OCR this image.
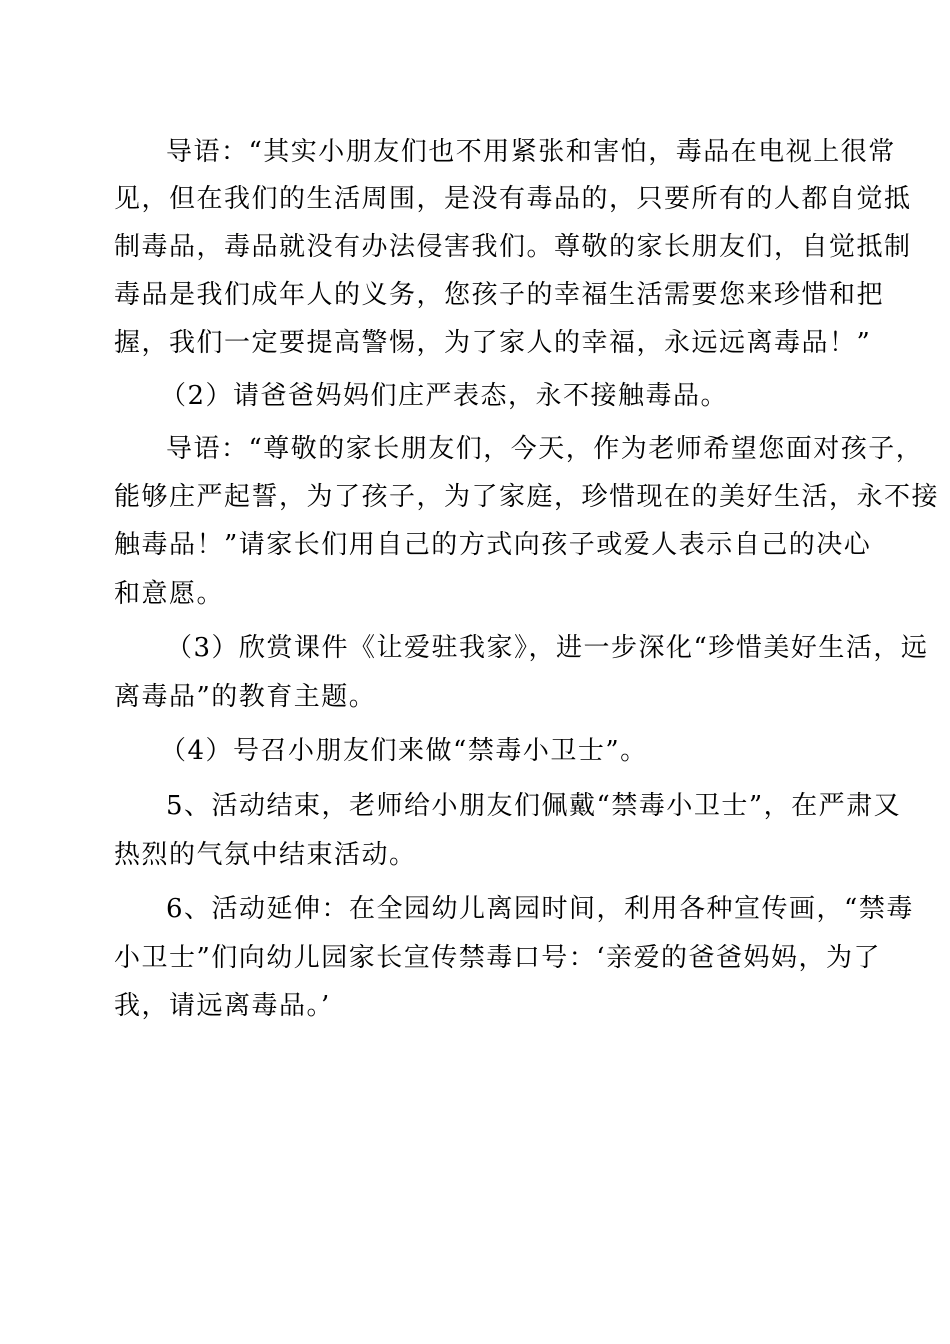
导语：“其实小朋友们也不用紧张和害怕，毒品在电视上很常
见，但在我们的生活周围，是没有毒品的，只要所有的人都自觉抵
制毒品，毒品就没有办法侵害我们。尊敬的家长朋友们，自觉抵制
毒品是我们成年人的义务，您孩子的幸福生活需要您来珍惜和把
握，我们一定要提高警惕，为了家人的幸福，永远远离毒品！”
（2）请爸爸妈妈们庄严表态，永不接触毒品。
导语：“尊敬的家长朋友们，今天，作为老师希望您面对孩子，
能够庄严起誓，为了孩子，为了家庭，珍惜现在的美好生活，永不接
触毒品！”请家长们用自己的方式向孩子或爱人表示自己的决心
和意愿。
（3）欣赏课件《让爱驻我家》，进一步深化“珍惜美好生活，远
离毒品”的教育主题。
（4）号召小朋友们来做“禁毒小卫士”。
5、活动结束，老师给小朋友们佩戴“禁毒小卫士”，在严肃又
热烈的气氛中结束活动。
6、活动延伸：在全园幼儿离园时间，利用各种宣传画，“禁毒
小卫士”们向幼儿园家长宣传禁毒口号：‘亲爱的爸爸妈妈，为了
我，请远离毒品。’
